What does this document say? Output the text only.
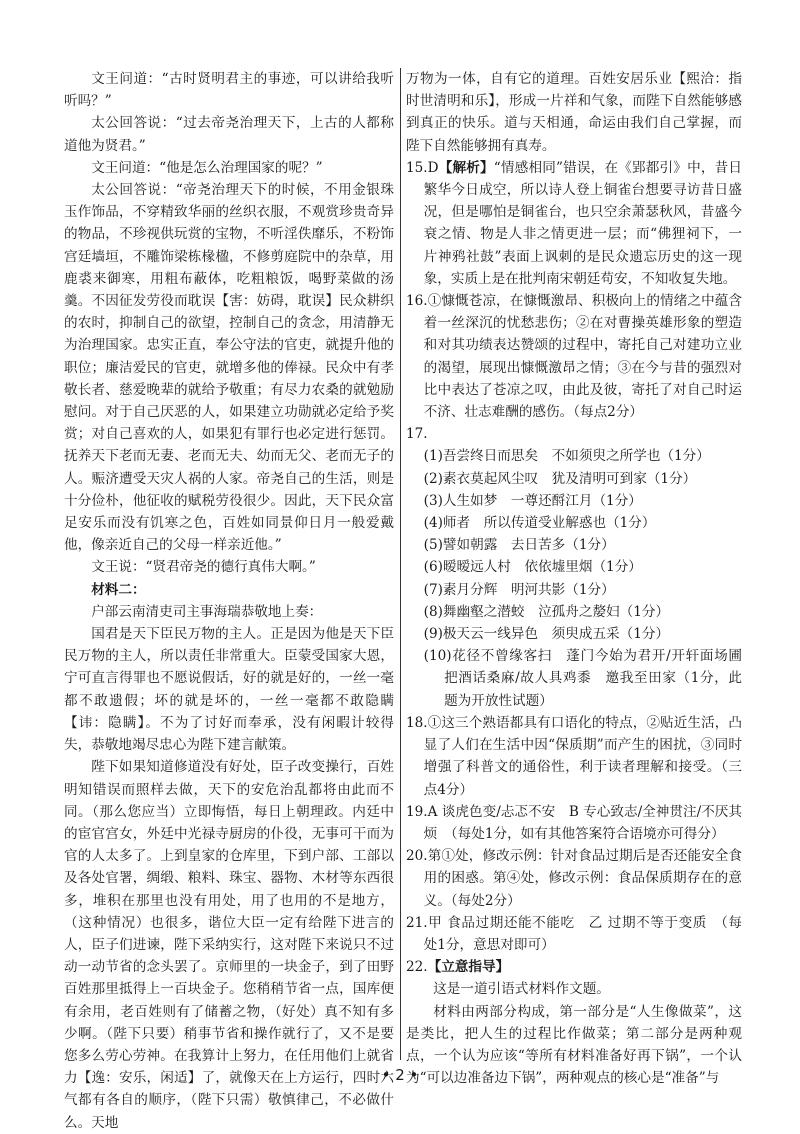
文王问道：“古时贤明君主的事迹，可以讲给我听听吗？”

太公回答说：“过去帝尧治理天下，上古的人都称道他为贤君。”

文王问道：“他是怎么治理国家的呢？”

太公回答说：“帝尧治理天下的时候，不用金银珠玉作饰品，不穿精致华丽的丝织衣服，不观赏珍贵奇异的物品，不珍视供玩赏的宝物，不听淫佚靡乐，不粉饰宫廷墙垣，不雕饰梁栋椽楹，不修剪庭院中的杂草，用鹿裘来御寒，用粗布蔽体，吃粗粮饭，喝野菜做的汤羹。不因征发劳役而耽误【害：妨碍，耽误】民众耕织的农时，抑制自己的欲望，控制自己的贪念，用清静无为治理国家。忠实正直，奉公守法的官吏，就提升他的职位；廉洁爱民的官吏，就增多他的俸禄。民众中有孝敬长者、慈爱晚辈的就给予敬重；有尽力农桑的就勉励慰问。对于自己厌恶的人，如果建立功勋就必定给予奖赏；对自己喜欢的人，如果犯有罪行也必定进行惩罚。抚养天下老而无妻、老而无夫、幼而无父、老而无子的人。赈济遭受天灾人祸的人家。帝尧自己的生活，则是十分俭朴，他征收的赋税劳役很少。因此，天下民众富足安乐而没有饥寒之色，百姓如同景仰日月一般爱戴他，像亲近自己的父母一样亲近他。”

文王说：“贤君帝尧的德行真伟大啊。”

材料二：

户部云南清吏司主事海瑞恭敬地上奏：

国君是天下臣民万物的主人。正是因为他是天下臣民万物的主人，所以责任非常重大。臣蒙受国家大恩，宁可直言得罪也不愿说假话，好的就是好的，一丝一毫都不敢遗假；坏的就是坏的，一丝一毫都不敢隐瞒【讳：隐瞒】。不为了讨好而奉承，没有闲暇计较得失，恭敬地竭尽忠心为陛下建言献策。

陛下如果知道修道没有好处，臣子改变操行，百姓明知错误而照样去做，天下的安危治乱都将由此而不同。（那么您应当）立即悔悟，每日上朝理政。内廷中的宦官宫女，外廷中光禄寺厨房的仆役，无事可干而为官的人太多了。上到皇家的仓库里，下到户部、工部以及各处官署，绸缎、粮料、珠宝、器物、木材等东西很多，堆积在那里也没有用处，用了也用的不是地方，（这种情况）也很多，谐位大臣一定有给陛下进言的人，臣子们进谏，陛下采纳实行，这对陛下来说只不过动一动节省的念头罢了。京师里的一块金子，到了田野百姓那里抵得上一百块金子。您稍稍节省一点，国库便有余用，老百姓则有了储蓄之物，（好处）真不知有多少啊。（陛下只要）稍事节省和操作就行了，又不是要您多么劳心劳神。在我算计上努力，在任用他们上就省力【逸：安乐，闲适】了，就像天在上方运行，四时六气都有各自的顺序，（陛下只需）敬慎律己，不必做什么。天地

万物为一体，自有它的道理。百姓安居乐业【熙洽：指时世清明和乐】，形成一片祥和气象，而陛下自然能够感到真正的快乐。道与天相通，命运由我们自己掌握，而陛下自然能够拥有真寿。

15.D【解析】“情感相同”错误，在《郢都引》中，昔日繁华今日成空，所以诗人登上铜雀台想要寻访昔日盛况，但是哪怕是铜雀台，也只空余萧瑟秋风，昔盛今衰之情、物是人非之情更进一层；而“佛狸祠下，一片神鸦社鼓”表面上讽刺的是民众遗忘历史的这一现象，实质上是在批判南宋朝廷苟安，不知收复失地。

16.①慷慨苍凉，在慷慨激昂、积极向上的情绪之中蕴含着一丝深沉的忧愁悲伤；②在对曹操英雄形象的塑造和对其功绩表达赞颂的过程中，寄托自己对建功立业的渴望，展现出慷慨激昂之情；③在今与昔的强烈对比中表达了苍凉之叹，由此及彼，寄托了对自己时运不济、壮志难酬的感伤。（每点2分）

17.

(1)吾尝终日而思矣　不如须臾之所学也（1分）

(2)素衣莫起风尘叹　犹及清明可到家（1分）

(3)人生如梦　一尊还酹江月（1分）

(4)师者　所以传道受业解惑也（1分）

(5)譬如朝露　去日苦多（1分）

(6)暧暧远人村　依依墟里烟（1分）

(7)素月分辉　明河共影（1分）

(8)舞幽壑之潜蛟　泣孤舟之嫠妇（1分）

(9)极天云一线异色　须臾成五采（1分）

(10)花径不曾缘客扫　蓬门今始为君开/开轩面场圃　把酒话桑麻/故人具鸡黍　邀我至田家（1分，此题为开放性试题）

18.①这三个熟语都具有口语化的特点，②贴近生活，凸显了人们在生活中因“保质期”而产生的困扰，③同时增强了科普文的通俗性，利于读者理解和接受。（三点4分）

19.A 谈虎色变/忐忑不安　B 专心致志/全神贯注/不厌其烦　（每处1分，如有其他答案符合语境亦可得分）

20.第①处，修改示例：针对食品过期后是否还能安全食用的困惑。第④处，修改示例：食品保质期存在的意义。（每处2分）

21.甲 食品过期还能不能吃　乙 过期不等于变质　（每处1分，意思对即可）

22.【立意指导】

这是一道引语式材料作文题。

材料由两部分构成，第一部分是“人生像做菜”，这是类比，把人生的过程比作做菜；第二部分是两种观点，一个认为应该“等所有材料准备好再下锅”，一个认为“可以边准备边下锅”，两种观点的核心是“准备”与

• 2 •
